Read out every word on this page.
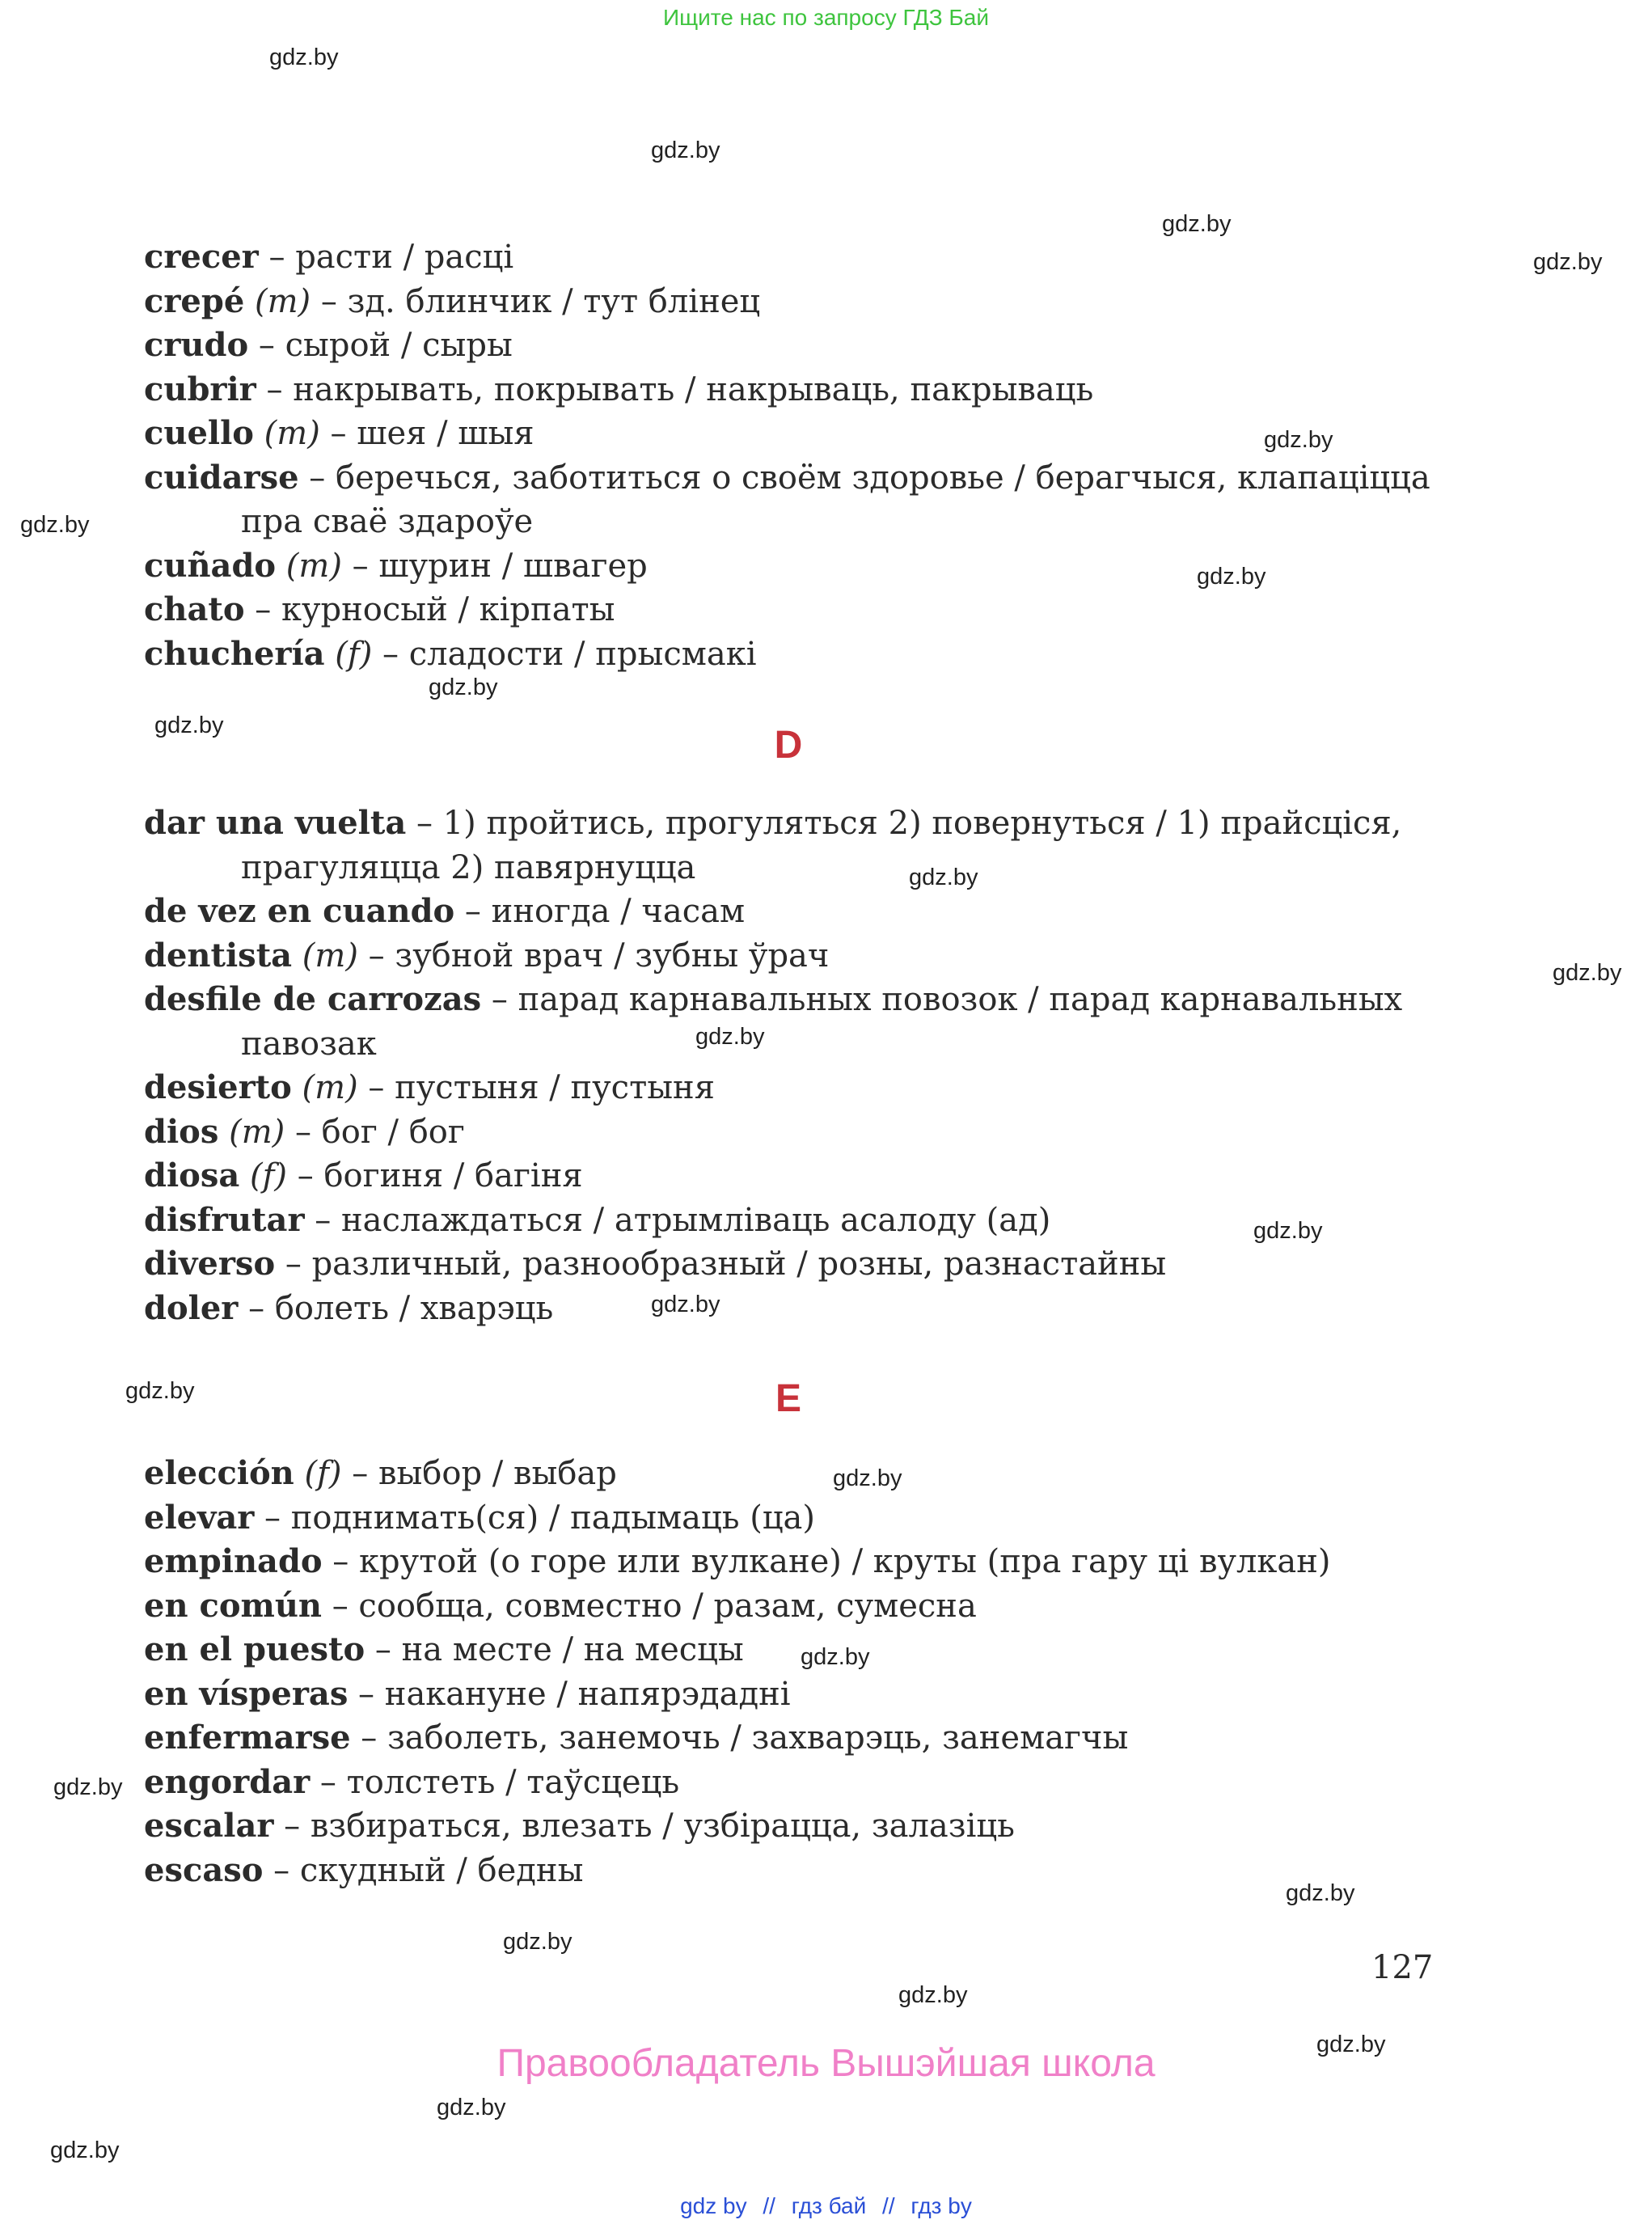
Ищите нас по запросу ГДЗ Бай
gdz.by
gdz.by
gdz.by
gdz.by
gdz.by
gdz.by
gdz.by
gdz.by
gdz.by
gdz.by
gdz.by
gdz.by
gdz.by
gdz.by
gdz.by
gdz.by
gdz.by
gdz.by
gdz.by
gdz.by
gdz.by
gdz.by
gdz.by
gdz.by

crecer – расти / расці

crepé (m) – зд. блинчик / тут блінец

crudo – сырой / сыры

cubrir – накрывать, покрывать / накрываць, пакрываць

cuello (m) – шея / шыя

cuidarse – беречься, заботиться о своём здоровье / берагчыся, клапаціцца пра сваё здароўе

cuñado (m) – шурин / швагер

chato – курносый / кірпаты

chuchería (f) – сладости / прысмакі

D

dar una vuelta – 1) пройтись, прогуляться 2) повернуться / 1) прайсціся, прагуляцца 2) павярнуцца

de vez en cuando – иногда / часам

dentista (m) – зубной врач / зубны ўрач

desfile de carrozas – парад карнавальных повозок / парад карнавальных павозак

desierto (m) – пустыня / пустыня

dios (m) – бог / бог

diosa (f) – богиня / багіня

disfrutar – наслаждаться / атрымліваць асалоду (ад)

diverso – различный, разнообразный / розны, разнастайны

doler – болеть / хварэць

E

elección (f) – выбор / выбар

elevar – поднимать(ся) / падымаць (ца)

empinado – крутой (о горе или вулкане) / круты (пра гару ці вулкан)

en común – сообща, совместно / разам, сумесна

en el puesto – на месте / на месцы

en vísperas – накануне / напярэдадні

enfermarse – заболеть, занемочь / захварэць, занемагчы

engordar – толстеть / таўсцець

escalar – взбираться, влезать / узбірацца, залазіць

escaso – скудный / бедны

127
Правообладатель Вышэйшая школа
gdz by // гдз бай // гдз by
